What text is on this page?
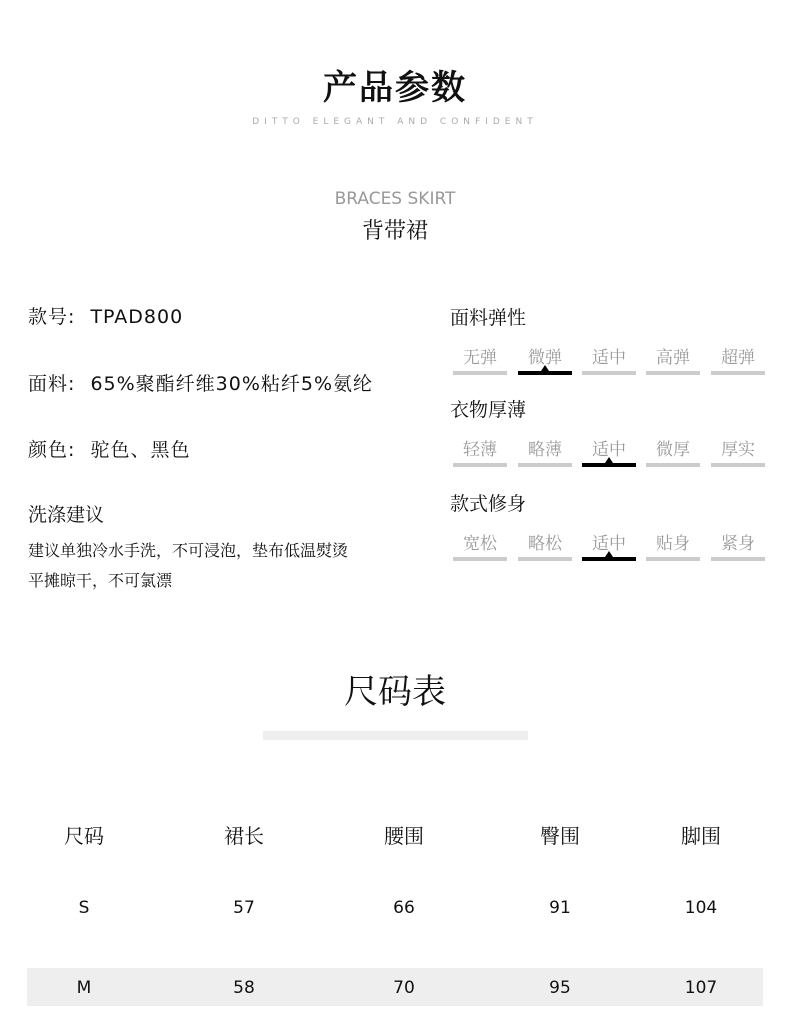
产品参数
DITTO ELEGANT AND CONFIDENT
BRACES SKIRT
背带裙
款号: TPAD800
面料: 65%聚酯纤维30%粘纤5%氨纶
颜色: 驼色、黑色
洗涤建议
建议单独冷水手洗，不可浸泡，垫布低温熨烫
平摊晾干，不可氯漂
面料弹性
无弹	微弹	适中	高弹	超弹
衣物厚薄
轻薄	略薄	适中	微厚	厚实
款式修身
宽松	略松	适中	贴身	紧身
尺码表
尺码	裙长	腰围	臀围	脚围
S	57	66	91	104
M	58	70	95	107
